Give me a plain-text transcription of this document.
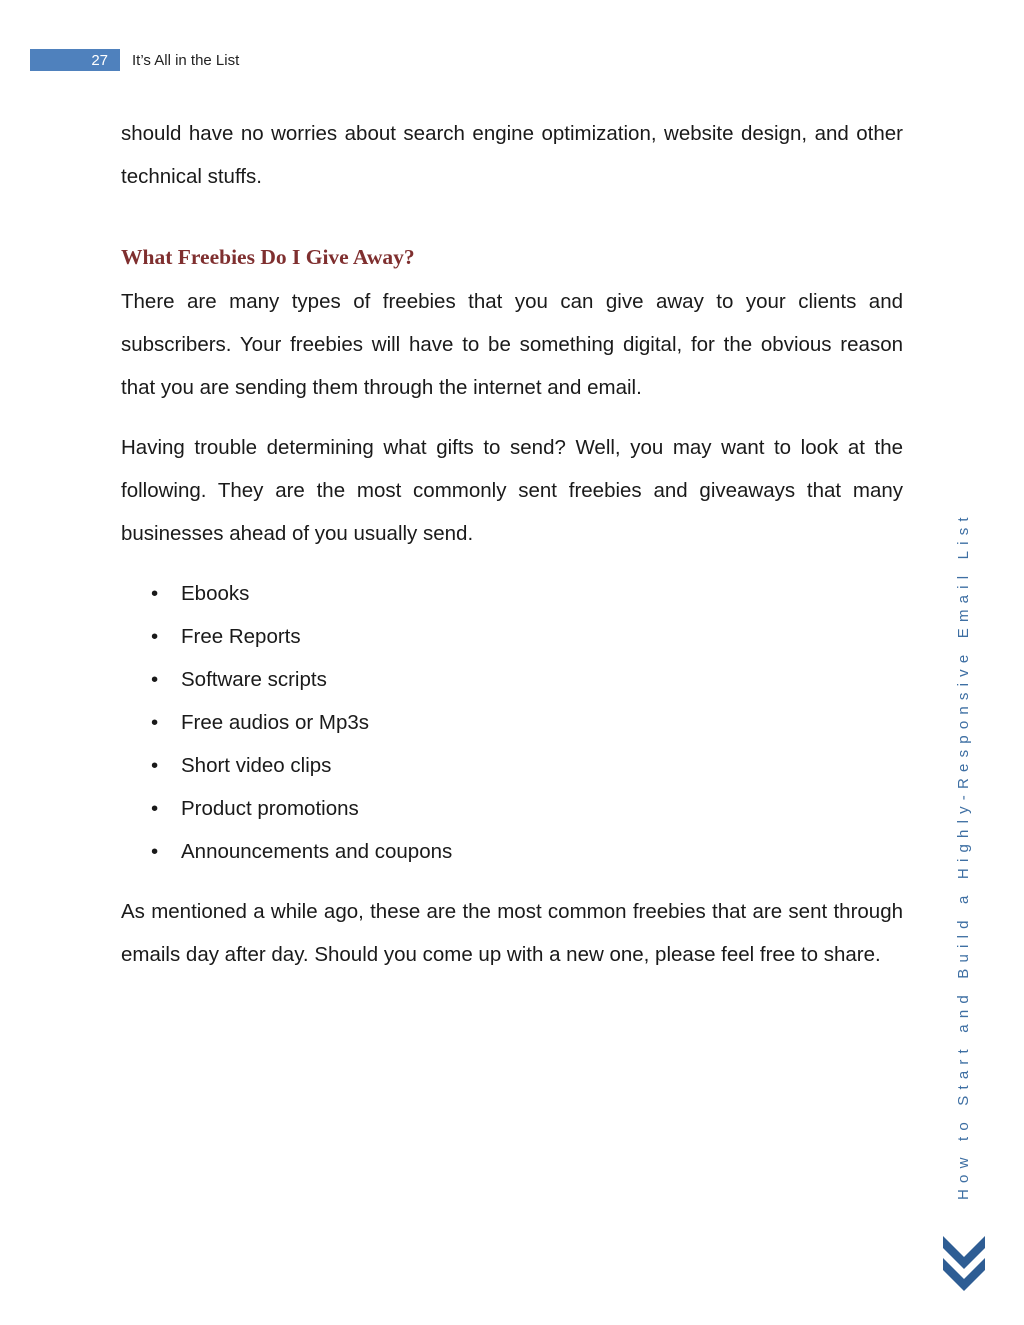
27	It’s All in the List

should have no worries about search engine optimization, website design, and other technical stuffs.

What Freebies Do I Give Away?

There are many types of freebies that you can give away to your clients and subscribers. Your freebies will have to be something digital, for the obvious reason that you are sending them through the internet and email.

Having trouble determining what gifts to send? Well, you may want to look at the following. They are the most commonly sent freebies and giveaways that many businesses ahead of you usually send.

• Ebooks
• Free Reports
• Software scripts
• Free audios or Mp3s
• Short video clips
• Product promotions
• Announcements and coupons

As mentioned a while ago, these are the most common freebies that are sent through emails day after day. Should you come up with a new one, please feel free to share.	How to Start and Build a Highly-Responsive Email List
